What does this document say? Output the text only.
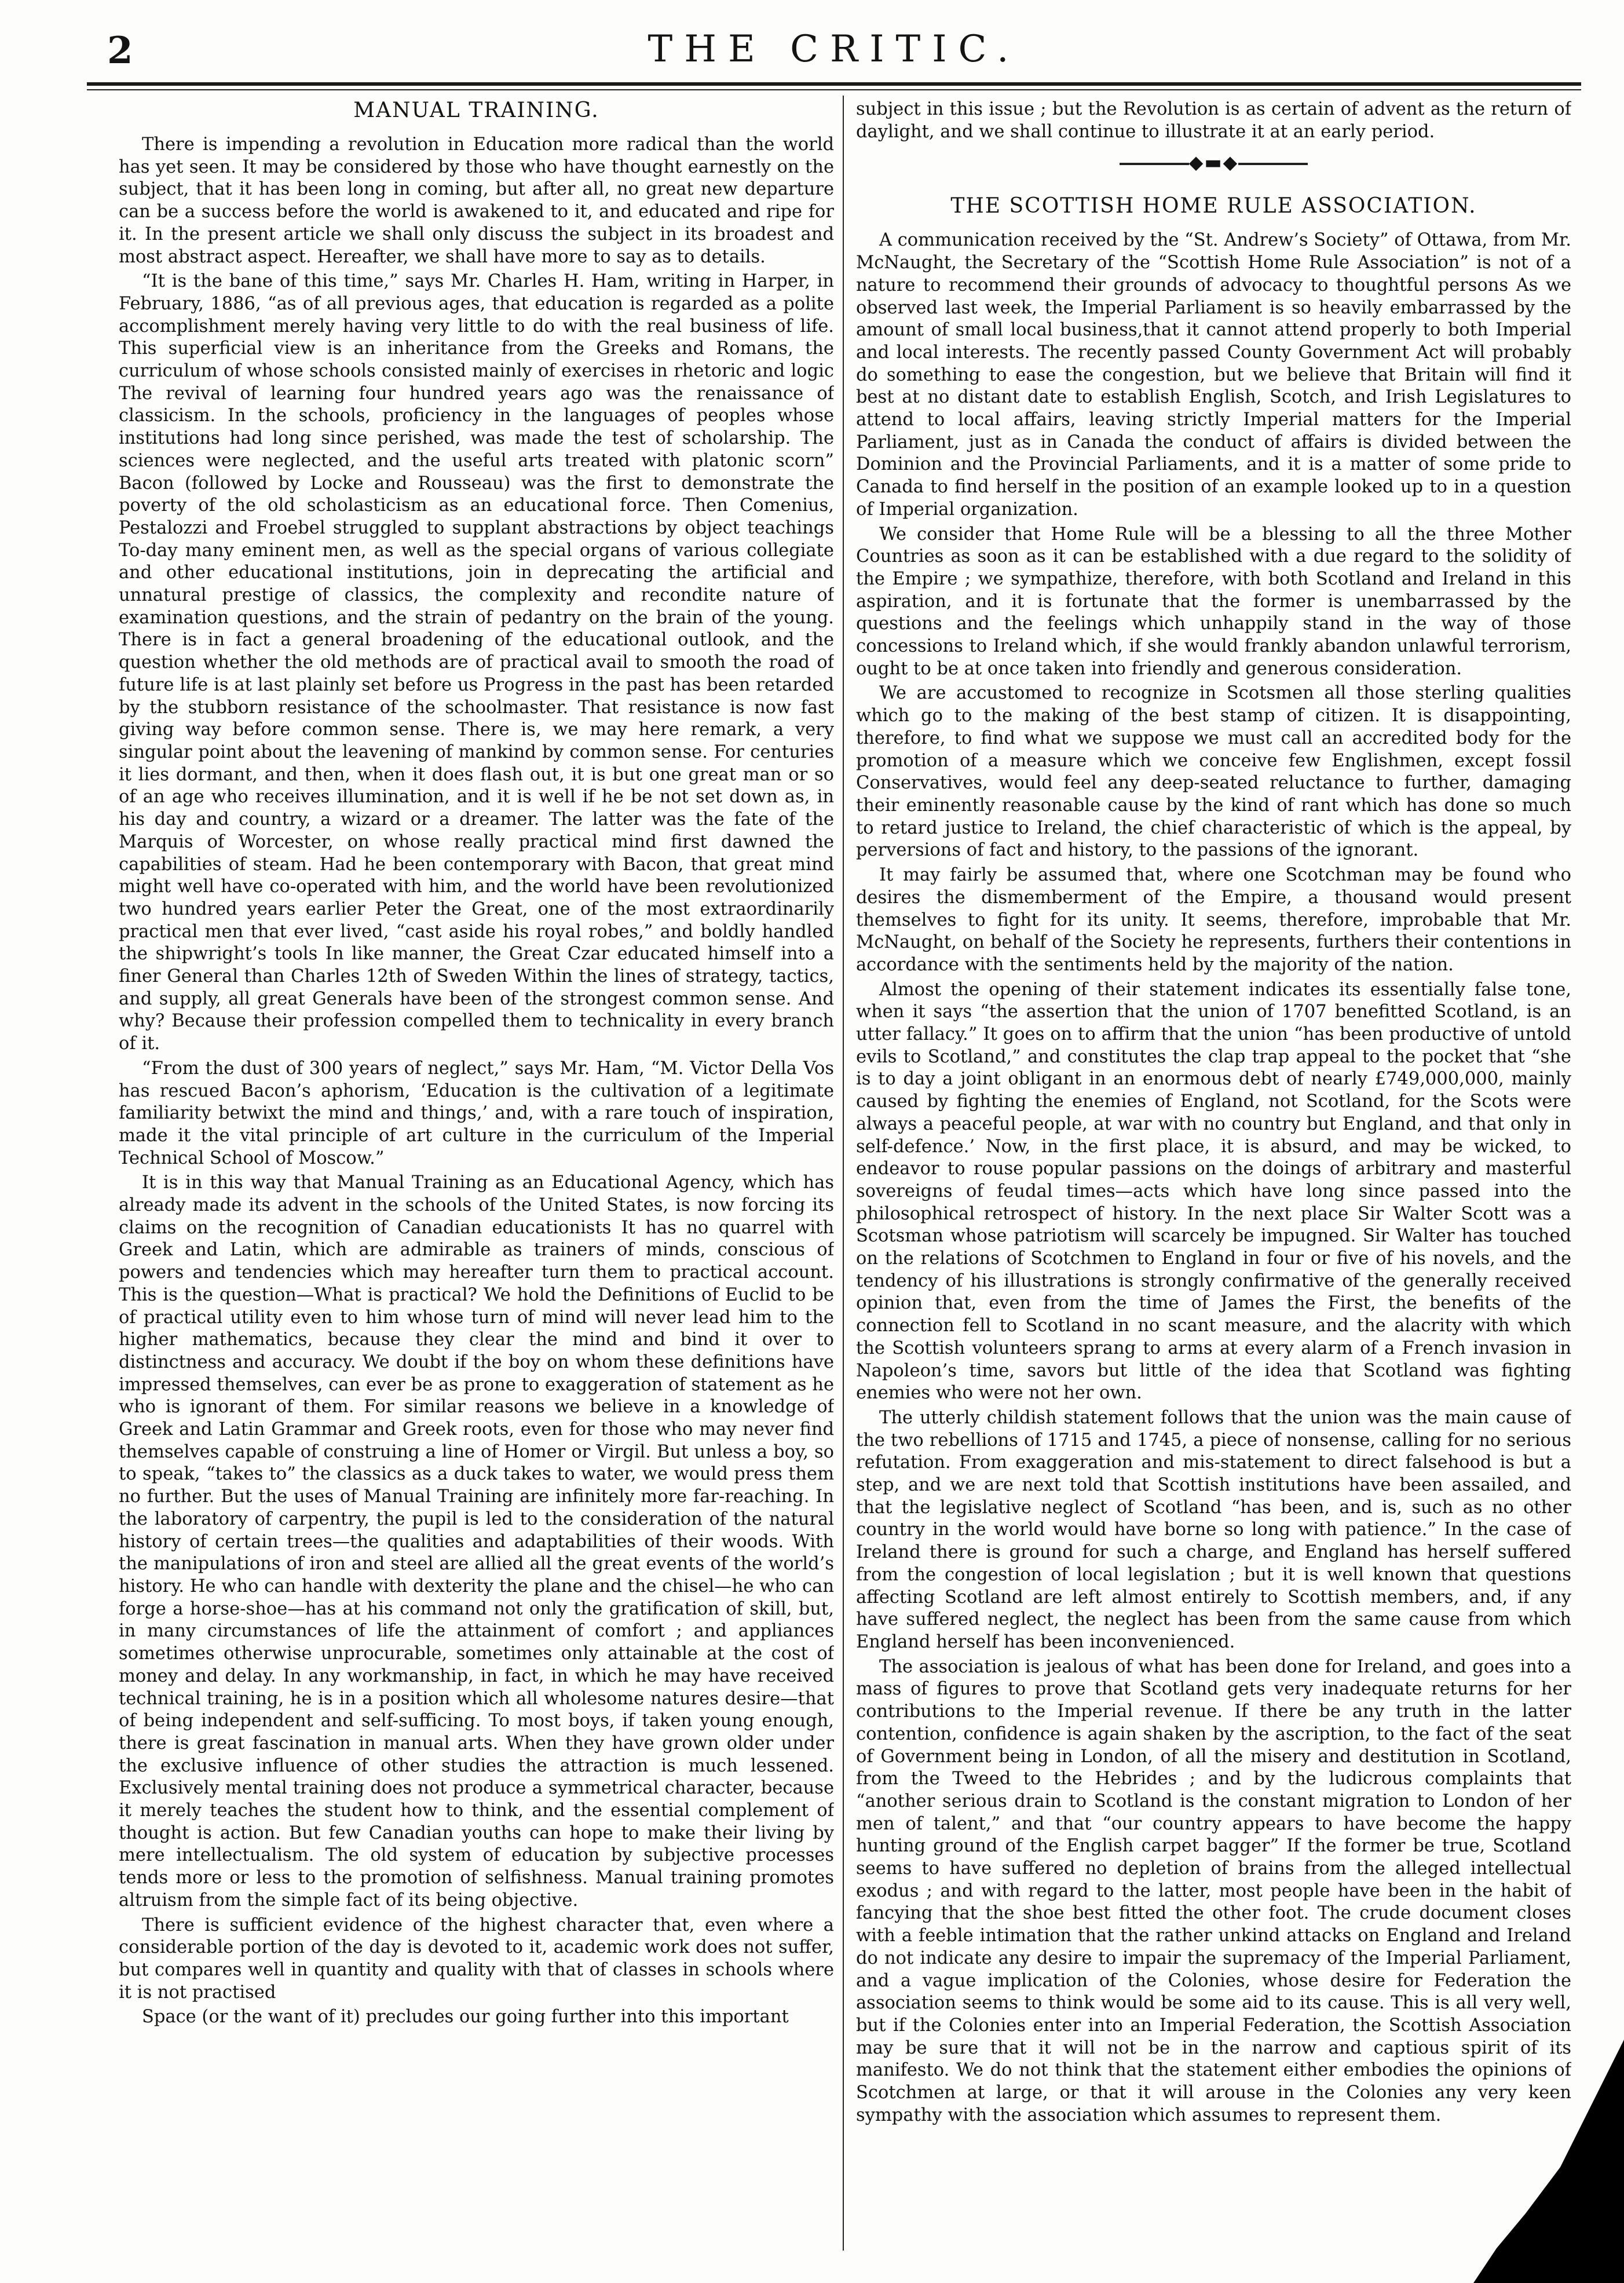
2	THE CRITIC.
MANUAL TRAINING.

There is impending a revolution in Education more radical than the world has yet seen. It may be considered by those who have thought earnestly on the subject, that it has been long in coming, but after all, no great new departure can be a success before the world is awakened to it, and educated and ripe for it. In the present article we shall only discuss the subject in its broadest and most abstract aspect. Hereafter, we shall have more to say as to details.

“It is the bane of this time,” says Mr. Charles H. Ham, writing in Harper, in February, 1886, “as of all previous ages, that education is regarded as a polite accomplishment merely having very little to do with the real business of life. This superficial view is an inheritance from the Greeks and Romans, the curriculum of whose schools consisted mainly of exercises in rhetoric and logic The revival of learning four hundred years ago was the renaissance of classicism. In the schools, proficiency in the languages of peoples whose institutions had long since perished, was made the test of scholarship. The sciences were neglected, and the useful arts treated with platonic scorn” Bacon (followed by Locke and Rousseau) was the first to demonstrate the poverty of the old scholasticism as an educational force. Then Comenius, Pestalozzi and Froebel struggled to supplant abstractions by object teachings To-day many eminent men, as well as the special organs of various collegiate and other educational institutions, join in deprecating the artificial and unnatural prestige of classics, the complexity and recondite nature of examination questions, and the strain of pedantry on the brain of the young. There is in fact a general broadening of the educational outlook, and the question whether the old methods are of practical avail to smooth the road of future life is at last plainly set before us Progress in the past has been retarded by the stubborn resistance of the schoolmaster. That resistance is now fast giving way before common sense. There is, we may here remark, a very singular point about the leavening of mankind by common sense. For centuries it lies dormant, and then, when it does flash out, it is but one great man or so of an age who receives illumination, and it is well if he be not set down as, in his day and country, a wizard or a dreamer. The latter was the fate of the Marquis of Worcester, on whose really practical mind first dawned the capabilities of steam. Had he been contemporary with Bacon, that great mind might well have co-operated with him, and the world have been revolutionized two hundred years earlier Peter the Great, one of the most extraordinarily practical men that ever lived, “cast aside his royal robes,” and boldly handled the shipwright’s tools In like manner, the Great Czar educated himself into a finer General than Charles 12th of Sweden Within the lines of strategy, tactics, and supply, all great Generals have been of the strongest common sense. And why? Because their profession compelled them to technicality in every branch of it.

“From the dust of 300 years of neglect,” says Mr. Ham, “M. Victor Della Vos has rescued Bacon’s aphorism, ‘Education is the cultivation of a legitimate familiarity betwixt the mind and things,’ and, with a rare touch of inspiration, made it the vital principle of art culture in the curriculum of the Imperial Technical School of Moscow.”

It is in this way that Manual Training as an Educational Agency, which has already made its advent in the schools of the United States, is now forcing its claims on the recognition of Canadian educationists It has no quarrel with Greek and Latin, which are admirable as trainers of minds, conscious of powers and tendencies which may hereafter turn them to practical account. This is the question—What is practical? We hold the Definitions of Euclid to be of practical utility even to him whose turn of mind will never lead him to the higher mathematics, because they clear the mind and bind it over to distinctness and accuracy. We doubt if the boy on whom these definitions have impressed themselves, can ever be as prone to exaggeration of statement as he who is ignorant of them. For similar reasons we believe in a knowledge of Greek and Latin Grammar and Greek roots, even for those who may never find themselves capable of construing a line of Homer or Virgil. But unless a boy, so to speak, “takes to” the classics as a duck takes to water, we would press them no further. But the uses of Manual Training are infinitely more far-reaching. In the laboratory of carpentry, the pupil is led to the consideration of the natural history of certain trees—the qualities and adaptabilities of their woods. With the manipulations of iron and steel are allied all the great events of the world’s history. He who can handle with dexterity the plane and the chisel—he who can forge a horse-shoe—has at his command not only the gratification of skill, but, in many circumstances of life the attainment of comfort ; and appliances sometimes otherwise unprocurable, sometimes only attainable at the cost of money and delay. In any workmanship, in fact, in which he may have received technical training, he is in a position which all wholesome natures desire—that of being independent and self-sufficing. To most boys, if taken young enough, there is great fascination in manual arts. When they have grown older under the exclusive influence of other studies the attraction is much lessened. Exclusively mental training does not produce a symmetrical character, because it merely teaches the student how to think, and the essential complement of thought is action. But few Canadian youths can hope to make their living by mere intellectualism. The old system of education by subjective processes tends more or less to the promotion of selfishness. Manual training promotes altruism from the simple fact of its being objective.

There is sufficient evidence of the highest character that, even where a considerable portion of the day is devoted to it, academic work does not suffer, but compares well in quantity and quality with that of classes in schools where it is not practised

Space (or the want of it) precludes our going further into this important

subject in this issue ; but the Revolution is as certain of advent as the return of daylight, and we shall continue to illustrate it at an early period.

◆▬◆
THE SCOTTISH HOME RULE ASSOCIATION.

A communication received by the “St. Andrew’s Society” of Ottawa, from Mr. McNaught, the Secretary of the “Scottish Home Rule Association” is not of a nature to recommend their grounds of advocacy to thoughtful persons As we observed last week, the Imperial Parliament is so heavily embarrassed by the amount of small local business,that it cannot attend properly to both Imperial and local interests. The recently passed County Government Act will probably do something to ease the congestion, but we believe that Britain will find it best at no distant date to establish English, Scotch, and Irish Legislatures to attend to local affairs, leaving strictly Imperial matters for the Imperial Parliament, just as in Canada the conduct of affairs is divided between the Dominion and the Provincial Parliaments, and it is a matter of some pride to Canada to find herself in the position of an example looked up to in a question of Imperial organization.

We consider that Home Rule will be a blessing to all the three Mother Countries as soon as it can be established with a due regard to the solidity of the Empire ; we sympathize, therefore, with both Scotland and Ireland in this aspiration, and it is fortunate that the former is unembarrassed by the questions and the feelings which unhappily stand in the way of those concessions to Ireland which, if she would frankly abandon unlawful terrorism, ought to be at once taken into friendly and generous consideration.

We are accustomed to recognize in Scotsmen all those sterling qualities which go to the making of the best stamp of citizen. It is disappointing, therefore, to find what we suppose we must call an accredited body for the promotion of a measure which we conceive few Englishmen, except fossil Conservatives, would feel any deep-seated reluctance to further, damaging their eminently reasonable cause by the kind of rant which has done so much to retard justice to Ireland, the chief characteristic of which is the appeal, by perversions of fact and history, to the passions of the ignorant.

It may fairly be assumed that, where one Scotchman may be found who desires the dismemberment of the Empire, a thousand would present themselves to fight for its unity. It seems, therefore, improbable that Mr. McNaught, on behalf of the Society he represents, furthers their contentions in accordance with the sentiments held by the majority of the nation.

Almost the opening of their statement indicates its essentially false tone, when it says “the assertion that the union of 1707 benefitted Scotland, is an utter fallacy.” It goes on to affirm that the union “has been productive of untold evils to Scotland,” and constitutes the clap trap appeal to the pocket that “she is to day a joint obligant in an enormous debt of nearly £749,000,000, mainly caused by fighting the enemies of England, not Scotland, for the Scots were always a peaceful people, at war with no country but England, and that only in self-defence.’ Now, in the first place, it is absurd, and may be wicked, to endeavor to rouse popular passions on the doings of arbitrary and masterful sovereigns of feudal times—acts which have long since passed into the philosophical retrospect of history. In the next place Sir Walter Scott was a Scotsman whose patriotism will scarcely be impugned. Sir Walter has touched on the relations of Scotchmen to England in four or five of his novels, and the tendency of his illustrations is strongly confirmative of the generally received opinion that, even from the time of James the First, the benefits of the connection fell to Scotland in no scant measure, and the alacrity with which the Scottish volunteers sprang to arms at every alarm of a French invasion in Napoleon’s time, savors but little of the idea that Scotland was fighting enemies who were not her own.

The utterly childish statement follows that the union was the main cause of the two rebellions of 1715 and 1745, a piece of nonsense, calling for no serious refutation. From exaggeration and mis-statement to direct falsehood is but a step, and we are next told that Scottish institutions have been assailed, and that the legislative neglect of Scotland “has been, and is, such as no other country in the world would have borne so long with patience.” In the case of Ireland there is ground for such a charge, and England has herself suffered from the congestion of local legislation ; but it is well known that questions affecting Scotland are left almost entirely to Scottish members, and, if any have suffered neglect, the neglect has been from the same cause from which England herself has been inconvenienced.

The association is jealous of what has been done for Ireland, and goes into a mass of figures to prove that Scotland gets very inadequate returns for her contributions to the Imperial revenue. If there be any truth in the latter contention, confidence is again shaken by the ascription, to the fact of the seat of Government being in London, of all the misery and destitution in Scotland, from the Tweed to the Hebrides ; and by the ludicrous complaints that “another serious drain to Scotland is the constant migration to London of her men of talent,” and that “our country appears to have become the happy hunting ground of the English carpet bagger” If the former be true, Scotland seems to have suffered no depletion of brains from the alleged intellectual exodus ; and with regard to the latter, most people have been in the habit of fancying that the shoe best fitted the other foot. The crude document closes with a feeble intimation that the rather unkind attacks on England and Ireland do not indicate any desire to impair the supremacy of the Imperial Parliament, and a vague implication of the Colonies, whose desire for Federation the association seems to think would be some aid to its cause. This is all very well, but if the Colonies enter into an Imperial Federation, the Scottish Association may be sure that it will not be in the narrow and captious spirit of its manifesto. We do not think that the statement either embodies the opinions of Scotchmen at large, or that it will arouse in the Colonies any very keen sympathy with the association which assumes to represent them.
